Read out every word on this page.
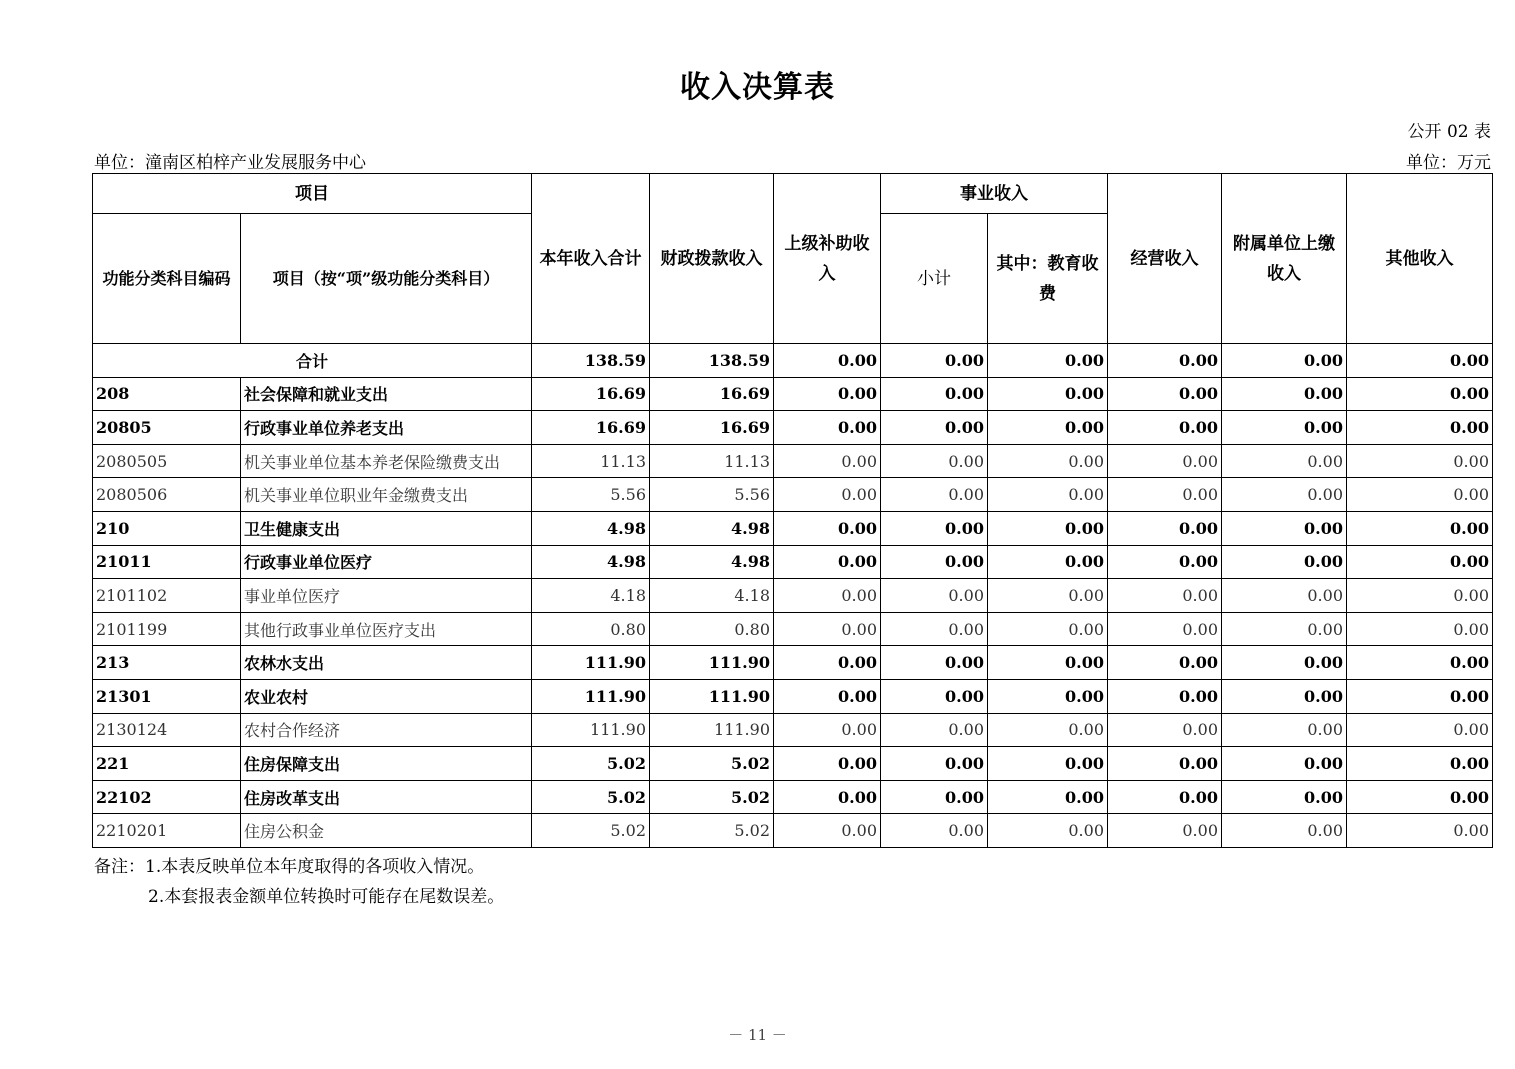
收入决算表
公开 02 表
单位：潼南区柏梓产业发展服务中心	单位：万元
项目		本年收入合计	财政拨款收入	上级补助收入	事业收入		经营收入	附属单位上缴收入	其他收入
功能分类科目编码	项目（按“项”级功能分类科目）				小计	其中：教育收费			
合计		138.59	138.59	0.00	0.00	0.00	0.00	0.00	0.00
208	社会保障和就业支出	16.69	16.69	0.00	0.00	0.00	0.00	0.00	0.00
20805	行政事业单位养老支出	16.69	16.69	0.00	0.00	0.00	0.00	0.00	0.00
2080505	机关事业单位基本养老保险缴费支出	11.13	11.13	0.00	0.00	0.00	0.00	0.00	0.00
2080506	机关事业单位职业年金缴费支出	5.56	5.56	0.00	0.00	0.00	0.00	0.00	0.00
210	卫生健康支出	4.98	4.98	0.00	0.00	0.00	0.00	0.00	0.00
21011	行政事业单位医疗	4.98	4.98	0.00	0.00	0.00	0.00	0.00	0.00
2101102	事业单位医疗	4.18	4.18	0.00	0.00	0.00	0.00	0.00	0.00
2101199	其他行政事业单位医疗支出	0.80	0.80	0.00	0.00	0.00	0.00	0.00	0.00
213	农林水支出	111.90	111.90	0.00	0.00	0.00	0.00	0.00	0.00
21301	农业农村	111.90	111.90	0.00	0.00	0.00	0.00	0.00	0.00
2130124	农村合作经济	111.90	111.90	0.00	0.00	0.00	0.00	0.00	0.00
221	住房保障支出	5.02	5.02	0.00	0.00	0.00	0.00	0.00	0.00
22102	住房改革支出	5.02	5.02	0.00	0.00	0.00	0.00	0.00	0.00
2210201	住房公积金	5.02	5.02	0.00	0.00	0.00	0.00	0.00	0.00
备注：1.本表反映单位本年度取得的各项收入情况。
2.本套报表金额单位转换时可能存在尾数误差。
－ 11 －
